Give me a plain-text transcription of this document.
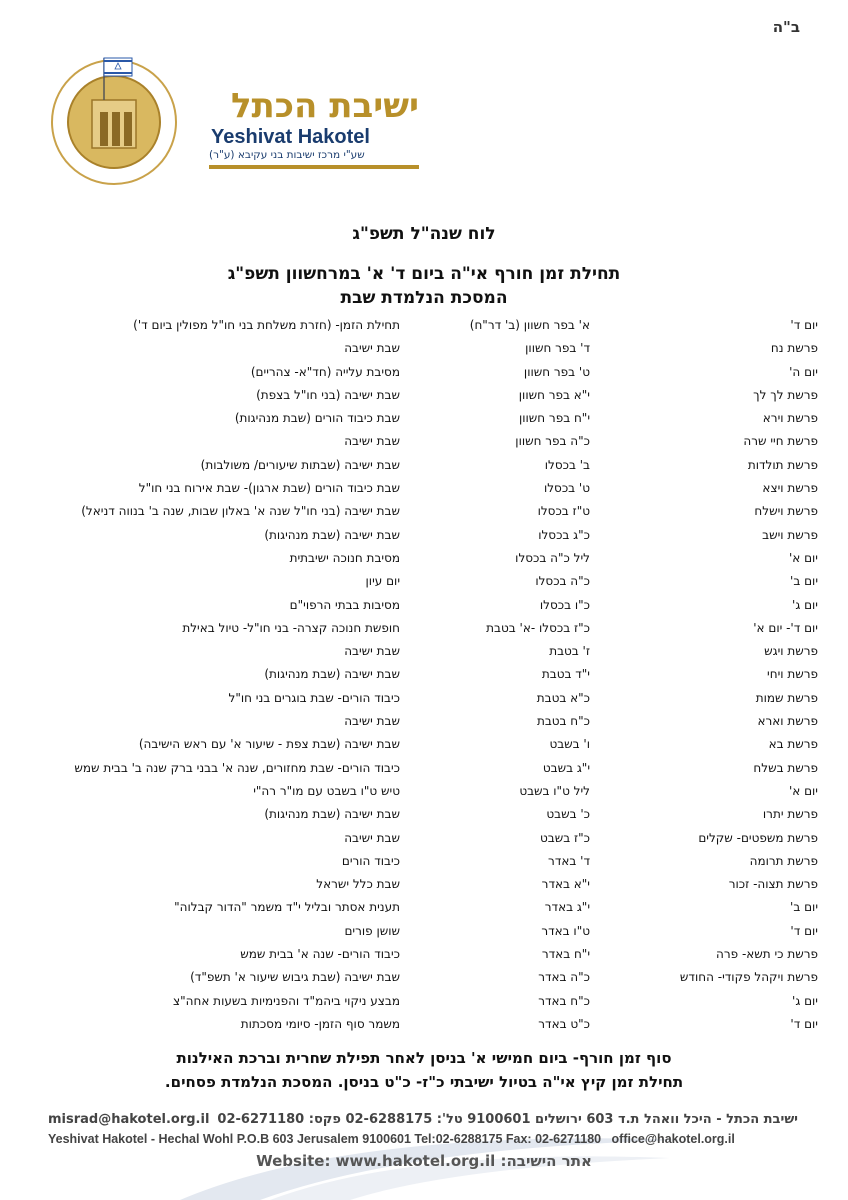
ב"ה
ישיבת הכתל
Yeshivat Hakotel
שע"י מרכז ישיבות בני עקיבא (ע"ר)
לוח שנה"ל תשפ"ג
תחילת זמן חורף אי"ה ביום ד' א' במרחשוון תשפ"ג
המסכת הנלמדת שבת
יום ד'
א' בפר חשוון (ב' דר"ח)
תחילת הזמן- (חזרת משלחת בני חו"ל מפולין ביום ד')
פרשת נח
ד' בפר חשוון
שבת ישיבה
יום ה'
ט' בפר חשוון
מסיבת עלייה (חד"א- צהריים)
פרשת לך לך
י"א בפר חשוון
שבת ישיבה (בני חו"ל בצפת)
פרשת וירא
י"ח בפר חשוון
שבת כיבוד הורים (שבת מנהיגות)
פרשת חיי שרה
כ"ה בפר חשוון
שבת ישיבה
פרשת תולדות
ב' בכסלו
שבת ישיבה (שבתות שיעורים/ משולבות)
פרשת ויצא
ט' בכסלו
שבת כיבוד הורים (שבת ארגון)- שבת אירוח בני חו"ל
פרשת וישלח
ט"ז בכסלו
שבת ישיבה (בני חו"ל שנה א' באלון שבות, שנה ב' בנווה דניאל)
פרשת וישב
כ"ג בכסלו
שבת ישיבה (שבת מנהיגות)
יום א'
ליל כ"ה בכסלו
מסיבת חנוכה ישיבתית
יום ב'
כ"ה בכסלו
יום עיון
יום ג'
כ"ו בכסלו
מסיבות בבתי הרפוי"ם
יום ד'- יום א'
כ"ז בכסלו -א' בטבת
חופשת חנוכה קצרה- בני חו"ל- טיול באילת
פרשת ויגש
ז' בטבת
שבת ישיבה
פרשת ויחי
י"ד בטבת
שבת ישיבה (שבת מנהיגות)
פרשת שמות
כ"א בטבת
כיבוד הורים- שבת בוגרים בני חו"ל
פרשת וארא
כ"ח בטבת
שבת ישיבה
פרשת בא
ו' בשבט
שבת ישיבה (שבת צפת - שיעור א' עם ראש הישיבה)
פרשת בשלח
י"ג בשבט
כיבוד הורים- שבת מחזורים, שנה א' בבני ברק שנה ב' בבית שמש
יום א'
ליל ט"ו בשבט
טיש ט"ו בשבט עם מו"ר רה"י
פרשת יתרו
כ' בשבט
שבת ישיבה (שבת מנהיגות)
פרשת משפטים- שקלים
כ"ז בשבט
שבת ישיבה
פרשת תרומה
ד' באדר
כיבוד הורים
פרשת תצוה- זכור
י"א באדר
שבת כלל ישראל
יום ב'
י"ג באדר
תענית אסתר ובליל י"ד משמר "הדור קבלוה"
יום ד'
ט"ו באדר
שושן פורים
פרשת כי תשא- פרה
י"ח באדר
כיבוד הורים- שנה א' בבית שמש
פרשת ויקהל פקודי- החודש
כ"ה באדר
שבת ישיבה (שבת גיבוש שיעור א' תשפ"ד)
יום ג'
כ"ח באדר
מבצע ניקוי ביהמ"ד והפנימיות בשעות אחה"צ
יום ד'
כ"ט באדר
משמר סוף הזמן- סיומי מסכתות
סוף זמן חורף- ביום חמישי א' בניסן לאחר תפילת שחרית וברכת האילנות
תחילת זמן קיץ אי"ה בטיול ישיבתי כ"ז- כ"ט בניסן. המסכת הנלמדת פסחים.
ישיבת הכתל - היכל וואהל ת.ד 603 ירושלים 9100601 טל': 02-6288175 פקס: 02-6271180
misrad@hakotel.org.il
Yeshivat Hakotel - Hechal Wohl P.O.B 603 Jerusalem 9100601 Tel:02-6288175 Fax: 02-6271180 office@hakotel.org.il
אתר הישיבה: Website: www.hakotel.org.il
